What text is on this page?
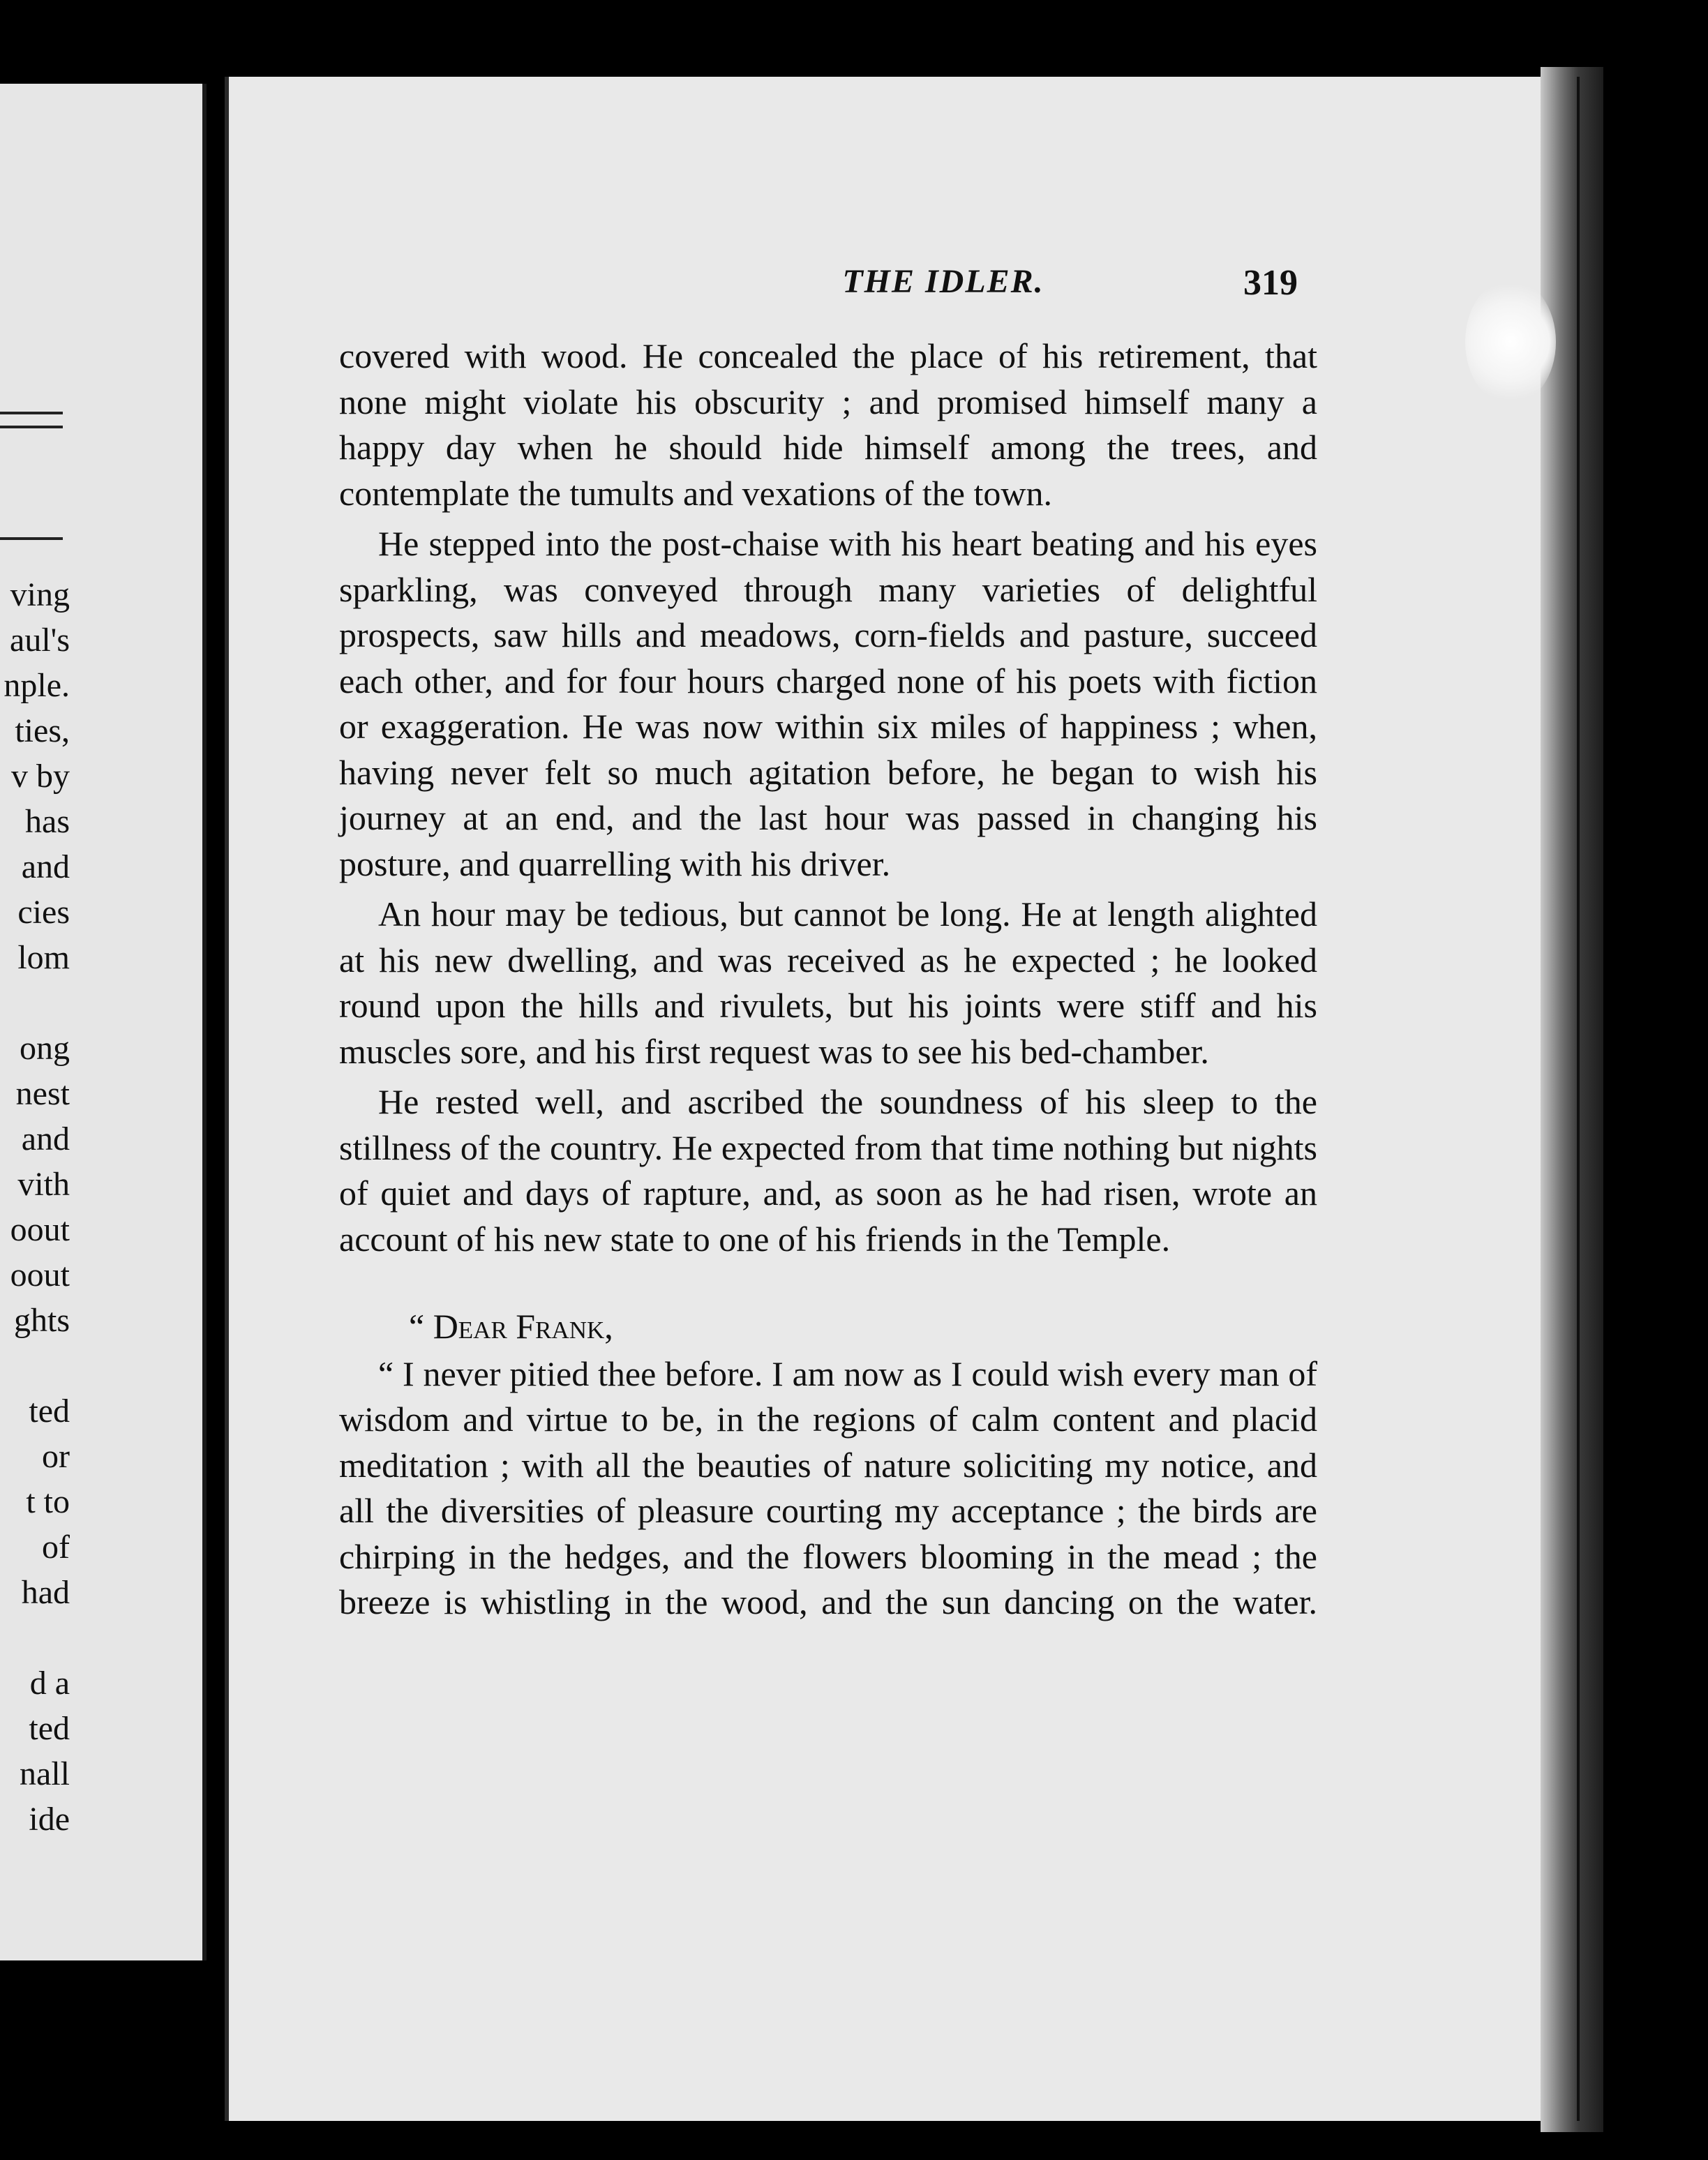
ving
aul's
nple.
ties,
v by
has
and
cies
lom
ong
nest
and
vith
oout
oout
ghts
ted
or
t to
of
had
d a
ted
nall
ide
THE IDLER.	319

covered with wood. He concealed the place of his retirement, that none might violate his obscurity ; and promised himself many a happy day when he should hide himself among the trees, and contemplate the tumults and vexations of the town.

He stepped into the post-chaise with his heart beating and his eyes sparkling, was conveyed through many varieties of delightful prospects, saw hills and meadows, corn-fields and pasture, succeed each other, and for four hours charged none of his poets with fiction or exaggeration. He was now within six miles of happiness ; when, having never felt so much agitation before, he began to wish his journey at an end, and the last hour was passed in changing his posture, and quarrelling with his driver.

An hour may be tedious, but cannot be long. He at length alighted at his new dwelling, and was received as he expected ; he looked round upon the hills and rivulets, but his joints were stiff and his muscles sore, and his first request was to see his bed-chamber.

He rested well, and ascribed the soundness of his sleep to the stillness of the country. He expected from that time nothing but nights of quiet and days of rapture, and, as soon as he had risen, wrote an account of his new state to one of his friends in the Temple.

“ Dear Frank,

“ I never pitied thee before. I am now as I could wish every man of wisdom and virtue to be, in the regions of calm content and placid meditation ; with all the beauties of nature soliciting my notice, and all the diversities of pleasure courting my acceptance ; the birds are chirping in the hedges, and the flowers blooming in the mead ; the breeze is whistling in the wood, and the sun dancing on the water.
